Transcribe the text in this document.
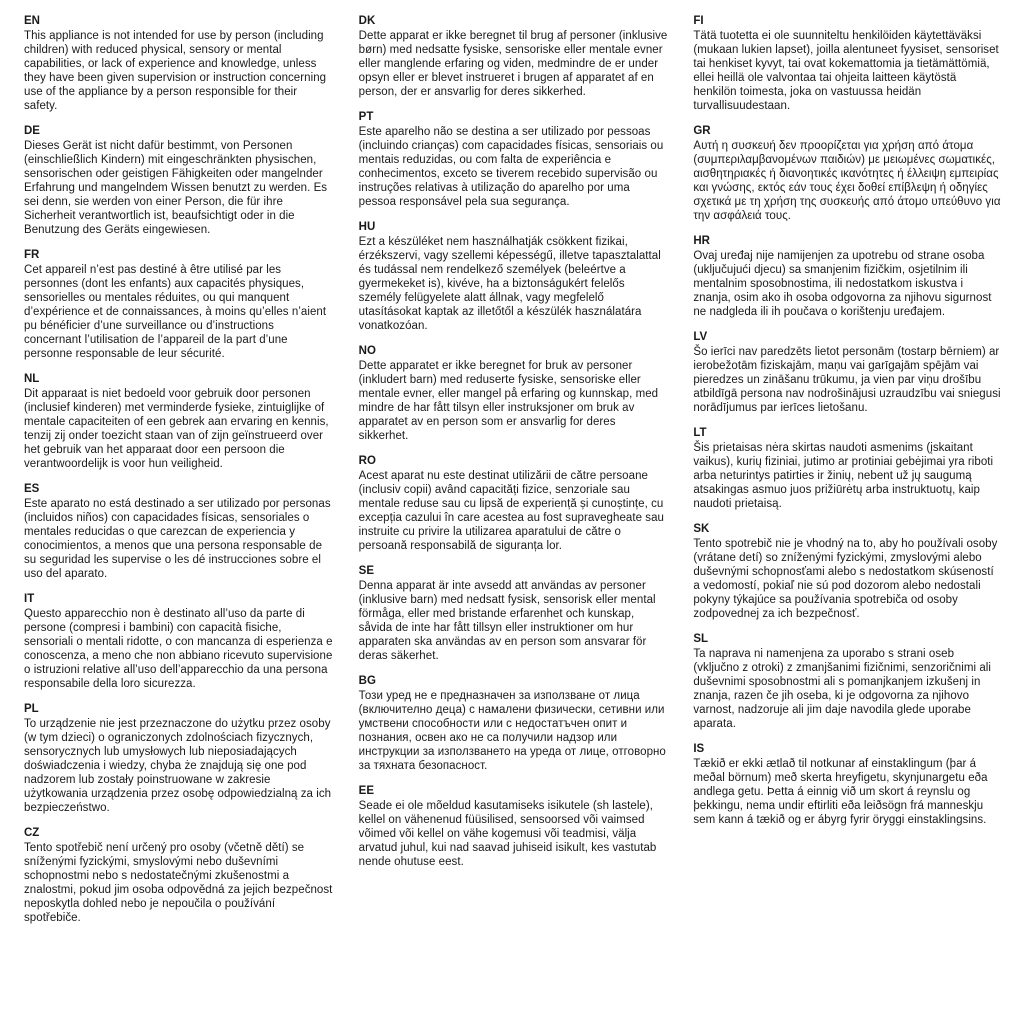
EN

This appliance is not intended for use by person (including children) with reduced physical, sensory or mental capabilities, or lack of experience and knowledge, unless they have been given supervision or instruction concerning use of the appliance by a person responsible for their safety.

DE

Dieses Gerät ist nicht dafür bestimmt, von Personen (einschließlich Kindern) mit eingeschränkten physischen, sensorischen oder geistigen Fähigkeiten oder mangelnder Erfahrung und mangelndem Wissen benutzt zu werden. Es sei denn, sie werden von einer Person, die für ihre Sicherheit verantwortlich ist, beaufsichtigt oder in die Benutzung des Geräts eingewiesen.

FR

Cet appareil n’est pas destiné à être utilisé par les personnes (dont les enfants) aux capacités physiques, sensorielles ou mentales réduites, ou qui manquent d’expérience et de connaissances, à moins qu’elles n’aient pu bénéficier d’une surveillance ou d’instructions concernant l’utilisation de l’appareil de la part d’une personne responsable de leur sécurité.

NL

Dit apparaat is niet bedoeld voor gebruik door personen (inclusief kinderen) met verminderde fysieke, zintuiglijke of mentale capaciteiten of een gebrek aan ervaring en kennis, tenzij zij onder toezicht staan van of zijn geïnstrueerd over het gebruik van het apparaat door een persoon die verantwoordelijk is voor hun veiligheid.

ES

Este aparato no está destinado a ser utilizado por personas (incluidos niños) con capacidades físicas, sensoriales o mentales reducidas o que carezcan de experiencia y conocimientos, a menos que una persona responsable de su seguridad les supervise o les dé instrucciones sobre el uso del aparato.

IT

Questo apparecchio non è destinato all’uso da parte di persone (compresi i bambini) con capacità fisiche, sensoriali o mentali ridotte, o con mancanza di esperienza e conoscenza, a meno che non abbiano ricevuto supervisione o istruzioni relative all’uso dell’apparecchio da una persona responsabile della loro sicurezza.

PL

To urządzenie nie jest przeznaczone do użytku przez osoby (w tym dzieci) o ograniczonych zdolnościach fizycznych, sensorycznych lub umysłowych lub nieposiadających doświadczenia i wiedzy, chyba że znajdują się one pod nadzorem lub zostały poinstruowane w zakresie użytkowania urządzenia przez osobę odpowiedzialną za ich bezpieczeństwo.

CZ

Tento spotřebič není určený pro osoby (včetně dětí) se sníženými fyzickými, smyslovými nebo duševními schopnostmi nebo s nedostatečnými zkušenostmi a znalostmi, pokud jim osoba odpovědná za jejich bezpečnost neposkytla dohled nebo je nepoučila o používání spotřebiče.

DK

Dette apparat er ikke beregnet til brug af personer (inklusive børn) med nedsatte fysiske, sensoriske eller mentale evner eller manglende erfaring og viden, medmindre de er under opsyn eller er blevet instrueret i brugen af apparatet af en person, der er ansvarlig for deres sikkerhed.

PT

Este aparelho não se destina a ser utilizado por pessoas (incluindo crianças) com capacidades físicas, sensoriais ou mentais reduzidas, ou com falta de experiência e conhecimentos, exceto se tiverem recebido supervisão ou instruções relativas à utilização do aparelho por uma pessoa responsável pela sua segurança.

HU

Ezt a készüléket nem használhatják csökkent fizikai, érzékszervi, vagy szellemi képességű, illetve tapasztalattal és tudással nem rendelkező személyek (beleértve a gyermekeket is), kivéve, ha a biztonságukért felelős személy felügyelete alatt állnak, vagy megfelelő utasításokat kaptak az illetőtől a készülék használatára vonatkozóan.

NO

Dette apparatet er ikke beregnet for bruk av personer (inkludert barn) med reduserte fysiske, sensoriske eller mentale evner, eller mangel på erfaring og kunnskap, med mindre de har fått tilsyn eller instruksjoner om bruk av apparatet av en person som er ansvarlig for deres sikkerhet.

RO

Acest aparat nu este destinat utilizării de către persoane (inclusiv copii) având capacități fizice, senzoriale sau mentale reduse sau cu lipsă de experiență și cunoștințe, cu excepția cazului în care acestea au fost supravegheate sau instruite cu privire la utilizarea aparatului de către o persoană responsabilă de siguranța lor.

SE

Denna apparat är inte avsedd att användas av personer (inklusive barn) med nedsatt fysisk, sensorisk eller mental förmåga, eller med bristande erfarenhet och kunskap, såvida de inte har fått tillsyn eller instruktioner om hur apparaten ska användas av en person som ansvarar för deras säkerhet.

BG

Този уред не е предназначен за използване от лица (включително деца) с намалени физически, сетивни или умствени способности или с недостатъчен опит и познания, освен ако не са получили надзор или инструкции за използването на уреда от лице, отговорно за тяхната безопасност.

EE

Seade ei ole mõeldud kasutamiseks isikutele (sh lastele), kellel on vähenenud füüsilised, sensoorsed või vaimsed võimed või kellel on vähe kogemusi või teadmisi, välja arvatud juhul, kui nad saavad juhiseid isikult, kes vastutab nende ohutuse eest.

FI

Tätä tuotetta ei ole suunniteltu henkilöiden käytettäväksi (mukaan lukien lapset), joilla alentuneet fyysiset, sensoriset tai henkiset kyvyt, tai ovat kokemattomia ja tietämättömiä, ellei heillä ole valvontaa tai ohjeita laitteen käytöstä henkilön toimesta, joka on vastuussa heidän turvallisuudestaan.

GR

Αυτή η συσκευή δεν προορίζεται για χρήση από άτομα (συμπεριλαμβανομένων παιδιών) με μειωμένες σωματικές, αισθητηριακές ή διανοητικές ικανότητες ή έλλειψη εμπειρίας και γνώσης, εκτός εάν τους έχει δοθεί επίβλεψη ή οδηγίες σχετικά με τη χρήση της συσκευής από άτομο υπεύθυνο για την ασφάλειά τους.

HR

Ovaj uređaj nije namijenjen za upotrebu od strane osoba (uključujući djecu) sa smanjenim fizičkim, osjetilnim ili mentalnim sposobnostima, ili nedostatkom iskustva i znanja, osim ako ih osoba odgovorna za njihovu sigurnost ne nadgleda ili ih poučava o korištenju uređajem.

LV

Šo ierīci nav paredzēts lietot personām (tostarp bērniem) ar ierobežotām fiziskajām, maņu vai garīgajām spējām vai pieredzes un zināšanu trūkumu, ja vien par viņu drošību atbildīgā persona nav nodrošinājusi uzraudzību vai sniegusi norādījumus par ierīces lietošanu.

LT

Šis prietaisas nėra skirtas naudoti asmenims (įskaitant vaikus), kurių fiziniai, jutimo ar protiniai gebėjimai yra riboti arba neturintys patirties ir žinių, nebent už jų saugumą atsakingas asmuo juos prižiūrėtų arba instruktuotų, kaip naudoti prietaisą.

SK

Tento spotrebič nie je vhodný na to, aby ho používali osoby (vrátane detí) so zníženými fyzickými, zmyslovými alebo duševnými schopnosťami alebo s nedostatkom skúseností a vedomostí, pokiaľ nie sú pod dozorom alebo nedostali pokyny týkajúce sa používania spotrebiča od osoby zodpovednej za ich bezpečnosť.

SL

Ta naprava ni namenjena za uporabo s strani oseb (vključno z otroki) z zmanjšanimi fizičnimi, senzoričnimi ali duševnimi sposobnostmi ali s pomanjkanjem izkušenj in znanja, razen če jih oseba, ki je odgovorna za njihovo varnost, nadzoruje ali jim daje navodila glede uporabe aparata.

IS

Tækið er ekki ætlað til notkunar af einstaklingum (þar á meðal börnum) með skerta hreyfigetu, skynjunargetu eða andlega getu. Þetta á einnig við um skort á reynslu og þekkingu, nema undir eftirliti eða leiðsögn frá manneskju sem kann á tækið og er ábyrg fyrir öryggi einstaklingsins.
